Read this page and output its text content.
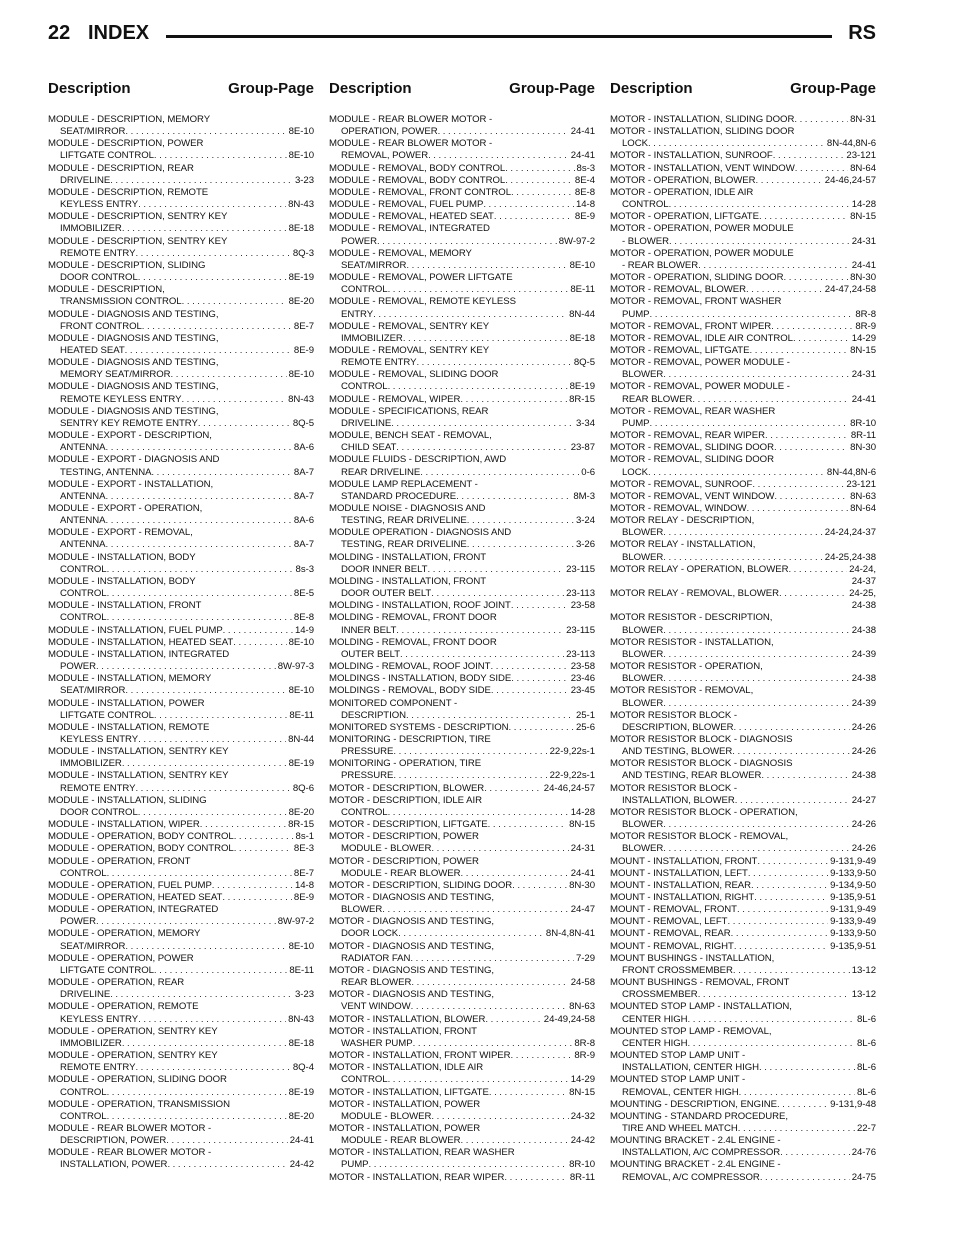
22 INDEX	RS
Description	Group-Page
MODULE - DESCRIPTION, MEMORY
SEAT/MIRROR . . .	8E-10
MODULE - DESCRIPTION, POWER
LIFTGATE CONTROL . . .	8E-10
MODULE - DESCRIPTION, REAR
DRIVELINE . . .	3-23
MODULE - DESCRIPTION, REMOTE
KEYLESS ENTRY . . .	8N-43
MODULE - DESCRIPTION, SENTRY KEY
IMMOBILIZER . . .	8E-18
MODULE - DESCRIPTION, SENTRY KEY
REMOTE ENTRY . . .	8Q-3
MODULE - DESCRIPTION, SLIDING
DOOR CONTROL . . .	8E-19
MODULE - DESCRIPTION,
TRANSMISSION CONTROL . . .	8E-20
MODULE - DIAGNOSIS AND TESTING,
FRONT CONTROL . . .	8E-7
MODULE - DIAGNOSIS AND TESTING,
HEATED SEAT . . .	8E-9
MODULE - DIAGNOSIS AND TESTING,
MEMORY SEAT/MIRROR . . .	8E-10
MODULE - DIAGNOSIS AND TESTING,
REMOTE KEYLESS ENTRY . . .	8N-43
MODULE - DIAGNOSIS AND TESTING,
SENTRY KEY REMOTE ENTRY . . .	8Q-5
MODULE - EXPORT - DESCRIPTION,
ANTENNA . . .	8A-6
MODULE - EXPORT - DIAGNOSIS AND
TESTING, ANTENNA . . .	8A-7
MODULE - EXPORT - INSTALLATION,
ANTENNA . . .	8A-7
MODULE - EXPORT - OPERATION,
ANTENNA . . .	8A-6
MODULE - EXPORT - REMOVAL,
ANTENNA . . .	8A-7
MODULE - INSTALLATION, BODY
CONTROL . . .	8s-3
MODULE - INSTALLATION, BODY
CONTROL . . .	8E-5
MODULE - INSTALLATION, FRONT
CONTROL . . .	8E-8
MODULE - INSTALLATION, FUEL PUMP . . .	14-9
MODULE - INSTALLATION, HEATED SEAT . . .	8E-10
MODULE - INSTALLATION, INTEGRATED
POWER . . .	8W-97-3
MODULE - INSTALLATION, MEMORY
SEAT/MIRROR . . .	8E-10
MODULE - INSTALLATION, POWER
LIFTGATE CONTROL . . .	8E-11
MODULE - INSTALLATION, REMOTE
KEYLESS ENTRY . . .	8N-44
MODULE - INSTALLATION, SENTRY KEY
IMMOBILIZER . . .	8E-19
MODULE - INSTALLATION, SENTRY KEY
REMOTE ENTRY . . .	8Q-6
MODULE - INSTALLATION, SLIDING
DOOR CONTROL . . .	8E-20
MODULE - INSTALLATION, WIPER . . .	8R-15
MODULE - OPERATION, BODY CONTROL . . .	8s-1
MODULE - OPERATION, BODY CONTROL . . .	8E-3
MODULE - OPERATION, FRONT
CONTROL . . .	8E-7
MODULE - OPERATION, FUEL PUMP . . .	14-8
MODULE - OPERATION, HEATED SEAT . . .	8E-9
MODULE - OPERATION, INTEGRATED
POWER . . .	8W-97-2
MODULE - OPERATION, MEMORY
SEAT/MIRROR . . .	8E-10
MODULE - OPERATION, POWER
LIFTGATE CONTROL . . .	8E-11
MODULE - OPERATION, REAR
DRIVELINE . . .	3-23
MODULE - OPERATION, REMOTE
KEYLESS ENTRY . . .	8N-43
MODULE - OPERATION, SENTRY KEY
IMMOBILIZER . . .	8E-18
MODULE - OPERATION, SENTRY KEY
REMOTE ENTRY . . .	8Q-4
MODULE - OPERATION, SLIDING DOOR
CONTROL . . .	8E-19
MODULE - OPERATION, TRANSMISSION
CONTROL . . .	8E-20
MODULE - REAR BLOWER MOTOR -
DESCRIPTION, POWER . . .	24-41
MODULE - REAR BLOWER MOTOR -
INSTALLATION, POWER . . .	24-42
Description	Group-Page
MODULE - REAR BLOWER MOTOR -
OPERATION, POWER . . .	24-41
MODULE - REAR BLOWER MOTOR -
REMOVAL, POWER . . .	24-41
MODULE - REMOVAL, BODY CONTROL . . .	8s-3
MODULE - REMOVAL, BODY CONTROL . . .	8E-4
MODULE - REMOVAL, FRONT CONTROL . . .	8E-8
MODULE - REMOVAL, FUEL PUMP . . .	14-8
MODULE - REMOVAL, HEATED SEAT . . .	8E-9
MODULE - REMOVAL, INTEGRATED
POWER . . .	8W-97-2
MODULE - REMOVAL, MEMORY
SEAT/MIRROR . . .	8E-10
MODULE - REMOVAL, POWER LIFTGATE
CONTROL . . .	8E-11
MODULE - REMOVAL, REMOTE KEYLESS
ENTRY . . .	8N-44
MODULE - REMOVAL, SENTRY KEY
IMMOBILIZER . . .	8E-18
MODULE - REMOVAL, SENTRY KEY
REMOTE ENTRY . . .	8Q-5
MODULE - REMOVAL, SLIDING DOOR
CONTROL . . .	8E-19
MODULE - REMOVAL, WIPER . . .	8R-15
MODULE - SPECIFICATIONS, REAR
DRIVELINE . . .	3-34
MODULE, BENCH SEAT - REMOVAL,
CHILD SEAT . . .	23-87
MODULE FLUIDS - DESCRIPTION, AWD
REAR DRIVELINE . . .	0-6
MODULE LAMP REPLACEMENT -
STANDARD PROCEDURE . . .	8M-3
MODULE NOISE - DIAGNOSIS AND
TESTING, REAR DRIVELINE . . .	3-24
MODULE OPERATION - DIAGNOSIS AND
TESTING, REAR DRIVELINE . . .	3-26
MOLDING - INSTALLATION, FRONT
DOOR INNER BELT . . .	23-115
MOLDING - INSTALLATION, FRONT
DOOR OUTER BELT . . .	23-113
MOLDING - INSTALLATION, ROOF JOINT . . .	23-58
MOLDING - REMOVAL, FRONT DOOR
INNER BELT . . .	23-115
MOLDING - REMOVAL, FRONT DOOR
OUTER BELT . . .	23-113
MOLDING - REMOVAL, ROOF JOINT . . .	23-58
MOLDINGS - INSTALLATION, BODY SIDE . . .	23-46
MOLDINGS - REMOVAL, BODY SIDE . . .	23-45
MONITORED COMPONENT -
DESCRIPTION . . .	25-1
MONITORED SYSTEMS - DESCRIPTION . . .	25-6
MONITORING - DESCRIPTION, TIRE
PRESSURE . . .	22-9,22s-1
MONITORING - OPERATION, TIRE
PRESSURE . . .	22-9,22s-1
MOTOR - DESCRIPTION, BLOWER . . .	24-46,24-57
MOTOR - DESCRIPTION, IDLE AIR
CONTROL . . .	14-28
MOTOR - DESCRIPTION, LIFTGATE . . .	8N-15
MOTOR - DESCRIPTION, POWER
MODULE - BLOWER . . .	24-31
MOTOR - DESCRIPTION, POWER
MODULE - REAR BLOWER . . .	24-41
MOTOR - DESCRIPTION, SLIDING DOOR . . .	8N-30
MOTOR - DIAGNOSIS AND TESTING,
BLOWER . . .	24-47
MOTOR - DIAGNOSIS AND TESTING,
DOOR LOCK . . .	8N-4,8N-41
MOTOR - DIAGNOSIS AND TESTING,
RADIATOR FAN . . .	7-29
MOTOR - DIAGNOSIS AND TESTING,
REAR BLOWER . . .	24-58
MOTOR - DIAGNOSIS AND TESTING,
VENT WINDOW . . .	8N-63
MOTOR - INSTALLATION, BLOWER . . .	24-49,24-58
MOTOR - INSTALLATION, FRONT
WASHER PUMP . . .	8R-8
MOTOR - INSTALLATION, FRONT WIPER . . .	8R-9
MOTOR - INSTALLATION, IDLE AIR
CONTROL . . .	14-29
MOTOR - INSTALLATION, LIFTGATE . . .	8N-15
MOTOR - INSTALLATION, POWER
MODULE - BLOWER . . .	24-32
MOTOR - INSTALLATION, POWER
MODULE - REAR BLOWER . . .	24-42
MOTOR - INSTALLATION, REAR WASHER
PUMP . . .	8R-10
MOTOR - INSTALLATION, REAR WIPER . . .	8R-11
Description	Group-Page
MOTOR - INSTALLATION, SLIDING DOOR . . .	8N-31
MOTOR - INSTALLATION, SLIDING DOOR
LOCK . . .	8N-44,8N-6
MOTOR - INSTALLATION, SUNROOF . . .	23-121
MOTOR - INSTALLATION, VENT WINDOW . . .	8N-64
MOTOR - OPERATION, BLOWER . . .	24-46,24-57
MOTOR - OPERATION, IDLE AIR
CONTROL . . .	14-28
MOTOR - OPERATION, LIFTGATE . . .	8N-15
MOTOR - OPERATION, POWER MODULE
- BLOWER . . .	24-31
MOTOR - OPERATION, POWER MODULE
- REAR BLOWER . . .	24-41
MOTOR - OPERATION, SLIDING DOOR . . .	8N-30
MOTOR - REMOVAL, BLOWER . . .	24-47,24-58
MOTOR - REMOVAL, FRONT WASHER
PUMP . . .	8R-8
MOTOR - REMOVAL, FRONT WIPER . . .	8R-9
MOTOR - REMOVAL, IDLE AIR CONTROL . . .	14-29
MOTOR - REMOVAL, LIFTGATE . . .	8N-15
MOTOR - REMOVAL, POWER MODULE -
BLOWER . . .	24-31
MOTOR - REMOVAL, POWER MODULE -
REAR BLOWER . . .	24-41
MOTOR - REMOVAL, REAR WASHER
PUMP . . .	8R-10
MOTOR - REMOVAL, REAR WIPER . . .	8R-11
MOTOR - REMOVAL, SLIDING DOOR . . .	8N-30
MOTOR - REMOVAL, SLIDING DOOR
LOCK . . .	8N-44,8N-6
MOTOR - REMOVAL, SUNROOF . . .	23-121
MOTOR - REMOVAL, VENT WINDOW . . .	8N-63
MOTOR - REMOVAL, WINDOW . . .	8N-64
MOTOR RELAY - DESCRIPTION,
BLOWER . . .	24-24,24-37
MOTOR RELAY - INSTALLATION,
BLOWER . . .	24-25,24-38
MOTOR RELAY - OPERATION, BLOWER . . .	24-24,
24-37
MOTOR RELAY - REMOVAL, BLOWER . . .	24-25,
24-38
MOTOR RESISTOR - DESCRIPTION,
BLOWER . . .	24-38
MOTOR RESISTOR - INSTALLATION,
BLOWER . . .	24-39
MOTOR RESISTOR - OPERATION,
BLOWER . . .	24-38
MOTOR RESISTOR - REMOVAL,
BLOWER . . .	24-39
MOTOR RESISTOR BLOCK -
DESCRIPTION, BLOWER . . .	24-26
MOTOR RESISTOR BLOCK - DIAGNOSIS
AND TESTING, BLOWER . . .	24-26
MOTOR RESISTOR BLOCK - DIAGNOSIS
AND TESTING, REAR BLOWER . . .	24-38
MOTOR RESISTOR BLOCK -
INSTALLATION, BLOWER . . .	24-27
MOTOR RESISTOR BLOCK - OPERATION,
BLOWER . . .	24-26
MOTOR RESISTOR BLOCK - REMOVAL,
BLOWER . . .	24-26
MOUNT - INSTALLATION, FRONT . . .	9-131,9-49
MOUNT - INSTALLATION, LEFT . . .	9-133,9-50
MOUNT - INSTALLATION, REAR . . .	9-134,9-50
MOUNT - INSTALLATION, RIGHT . . .	9-135,9-51
MOUNT - REMOVAL, FRONT . . .	9-131,9-49
MOUNT - REMOVAL, LEFT . . .	9-133,9-49
MOUNT - REMOVAL, REAR . . .	9-133,9-50
MOUNT - REMOVAL, RIGHT . . .	9-135,9-51
MOUNT BUSHINGS - INSTALLATION,
FRONT CROSSMEMBER . . .	13-12
MOUNT BUSHINGS - REMOVAL, FRONT
CROSSMEMBER . . .	13-12
MOUNTED STOP LAMP - INSTALLATION,
CENTER HIGH . . .	8L-6
MOUNTED STOP LAMP - REMOVAL,
CENTER HIGH . . .	8L-6
MOUNTED STOP LAMP UNIT -
INSTALLATION, CENTER HIGH . . .	8L-6
MOUNTED STOP LAMP UNIT -
REMOVAL, CENTER HIGH . . .	8L-6
MOUNTING - DESCRIPTION, ENGINE . . .	9-131,9-48
MOUNTING - STANDARD PROCEDURE,
TIRE AND WHEEL MATCH . . .	22-7
MOUNTING BRACKET - 2.4L ENGINE -
INSTALLATION, A/C COMPRESSOR . . .	24-76
MOUNTING BRACKET - 2.4L ENGINE -
REMOVAL, A/C COMPRESSOR . . .	24-75
